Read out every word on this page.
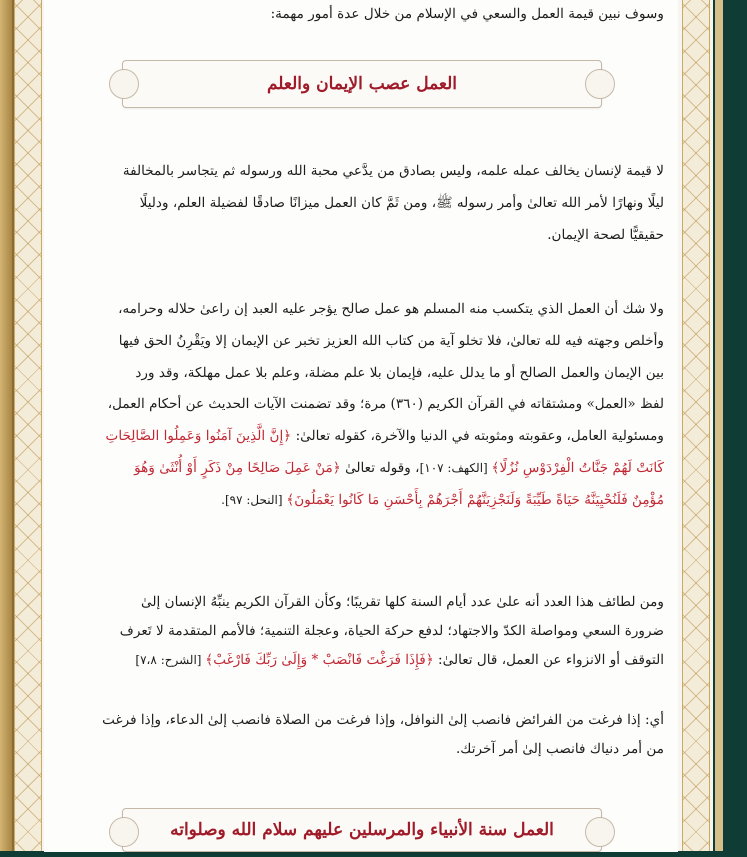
وسوف نبين قيمة العمل والسعي في الإسلام من خلال عدة أمور مهمة:
العمل عصب الإيمان والعلم
لا قيمة لإنسان يخالف عمله علمه، وليس بصادق من يدَّعي محبة الله ورسوله ثم يتجاسر بالمخالفة
ليلًا ونهارًا لأمر الله تعالىٰ وأمر رسوله ﷺ، ومن ثَمَّ كان العمل ميزانًا صادقًا لفضيلة العلم، ودليلًا
حقيقيًّا لصحة الإيمان.
ولا شك أن العمل الذي يتكسب منه المسلم هو عمل صالح يؤجر عليه العبد إن راعىٰ حلاله وحرامه،
وأخلص وجهته فيه لله تعالىٰ، فلا تخلو آية من كتاب الله العزيز تخبر عن الإيمان إلا ويَقْرِنُ الحق فيها
بين الإيمان والعمل الصالح أو ما يدلل عليه، فإيمان بلا علم مضلة، وعلم بلا عمل مهلكة، وقد ورد
لفظ «العمل» ومشتقاته في القرآن الكريم (٣٦٠) مرة؛ وقد تضمنت الآيات الحديث عن أحكام العمل،
ومسئولية العامل، وعقوبته ومثوبته في الدنيا والآخرة، كقوله تعالىٰ: ﴿إِنَّ الَّذِينَ آمَنُوا وَعَمِلُوا الصَّالِحَاتِ
كَانَتْ لَهُمْ جَنَّاتُ الْفِرْدَوْسِ نُزُلًا﴾ [الكهف: ١٠٧]، وقوله تعالىٰ ﴿مَنْ عَمِلَ صَالِحًا مِنْ ذَكَرٍ أَوْ أُنْثَىٰ وَهُوَ
مُؤْمِنٌ فَلَنُحْيِيَنَّهُ حَيَاةً طَيِّبَةً وَلَنَجْزِيَنَّهُمْ أَجْرَهُمْ بِأَحْسَنِ مَا كَانُوا يَعْمَلُونَ﴾ [النحل: ٩٧].
ومن لطائف هذا العدد أنه علىٰ عدد أيام السنة كلها تقريبًا؛ وكأن القرآن الكريم ينبِّهُ الإنسان إلىٰ
ضرورة السعي ومواصلة الكدّ والاجتهاد؛ لدفع حركة الحياة، وعجلة التنمية؛ فالأمم المتقدمة لا تَعرف
التوقف أو الانزواء عن العمل، قال تعالىٰ: ﴿فَإِذَا فَرَغْتَ فَانْصَبْ * وَإِلَىٰ رَبِّكَ فَارْغَبْ﴾ [الشرح: ٧،٨]
أي: إذا فرغت من الفرائض فانصب إلىٰ النوافل، وإذا فرغت من الصلاة فانصب إلىٰ الدعاء، وإذا فرغت
من أمر دنياك فانصب إلىٰ أمر آخرتك.
العمل سنة الأنبياء والمرسلين عليهم سلام الله وصلواته
